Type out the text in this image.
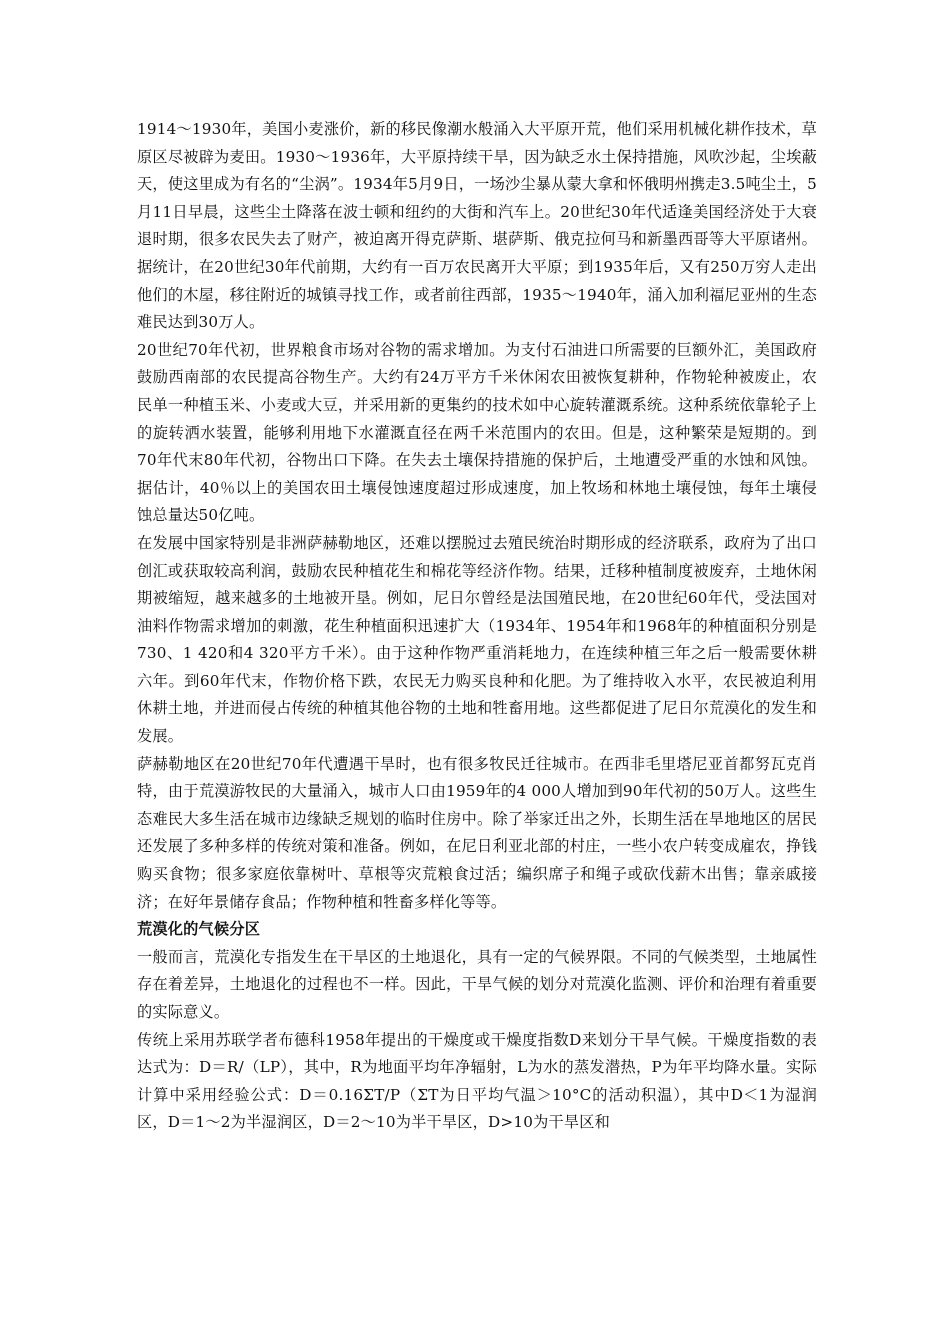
1914～1930年，美国小麦涨价，新的移民像潮水般涌入大平原开荒，他们采用机械化耕作技术，草原区尽被辟为麦田。1930～1936年，大平原持续干旱，因为缺乏水土保持措施，风吹沙起，尘埃蔽天，使这里成为有名的“尘涡”。1934年5月9日，一场沙尘暴从蒙大拿和怀俄明州携走3.5吨尘土，5月11日早晨，这些尘土降落在波士顿和纽约的大街和汽车上。20世纪30年代适逢美国经济处于大衰退时期，很多农民失去了财产，被迫离开得克萨斯、堪萨斯、俄克拉何马和新墨西哥等大平原诸州。据统计，在20世纪30年代前期，大约有一百万农民离开大平原；到1935年后，又有250万穷人走出他们的木屋，移往附近的城镇寻找工作，或者前往西部，1935～1940年，涌入加利福尼亚州的生态难民达到30万人。

20世纪70年代初，世界粮食市场对谷物的需求增加。为支付石油进口所需要的巨额外汇，美国政府鼓励西南部的农民提高谷物生产。大约有24万平方千米休闲农田被恢复耕种，作物轮种被废止，农民单一种植玉米、小麦或大豆，并采用新的更集约的技术如中心旋转灌溉系统。这种系统依靠轮子上的旋转洒水装置，能够利用地下水灌溉直径在两千米范围内的农田。但是，这种繁荣是短期的。到70年代末80年代初，谷物出口下降。在失去土壤保持措施的保护后，土地遭受严重的水蚀和风蚀。据估计，40％以上的美国农田土壤侵蚀速度超过形成速度，加上牧场和林地土壤侵蚀，每年土壤侵蚀总量达50亿吨。

在发展中国家特别是非洲萨赫勒地区，还难以摆脱过去殖民统治时期形成的经济联系，政府为了出口创汇或获取较高利润，鼓励农民种植花生和棉花等经济作物。结果，迁移种植制度被废弃，土地休闲期被缩短，越来越多的土地被开垦。例如，尼日尔曾经是法国殖民地，在20世纪60年代，受法国对油料作物需求增加的刺激，花生种植面积迅速扩大（1934年、1954年和1968年的种植面积分别是730、1 420和4 320平方千米）。由于这种作物严重消耗地力，在连续种植三年之后一般需要休耕六年。到60年代末，作物价格下跌，农民无力购买良种和化肥。为了维持收入水平，农民被迫利用休耕土地，并进而侵占传统的种植其他谷物的土地和牲畜用地。这些都促进了尼日尔荒漠化的发生和发展。

萨赫勒地区在20世纪70年代遭遇干旱时，也有很多牧民迁往城市。在西非毛里塔尼亚首都努瓦克肖特，由于荒漠游牧民的大量涌入，城市人口由1959年的4 000人增加到90年代初的50万人。这些生态难民大多生活在城市边缘缺乏规划的临时住房中。除了举家迁出之外，长期生活在旱地地区的居民还发展了多种多样的传统对策和准备。例如，在尼日利亚北部的村庄，一些小农户转变成雇农，挣钱购买食物；很多家庭依靠树叶、草根等灾荒粮食过活；编织席子和绳子或砍伐薪木出售；靠亲戚接济；在好年景储存食品；作物种植和牲畜多样化等等。

荒漠化的气候分区

一般而言，荒漠化专指发生在干旱区的土地退化，具有一定的气候界限。不同的气候类型，土地属性存在着差异，土地退化的过程也不一样。因此，干旱气候的划分对荒漠化监测、评价和治理有着重要的实际意义。

传统上采用苏联学者布德科1958年提出的干燥度或干燥度指数D来划分干旱气候。干燥度指数的表达式为：D＝R/（LP），其中，R为地面平均年净辐射，L为水的蒸发潜热，P为年平均降水量。实际计算中采用经验公式：D＝0.16ΣT/P（ΣT为日平均气温＞10°C的活动积温），其中D＜1为湿润区，D＝1～2为半湿润区，D＝2～10为半干旱区，D>10为干旱区和
